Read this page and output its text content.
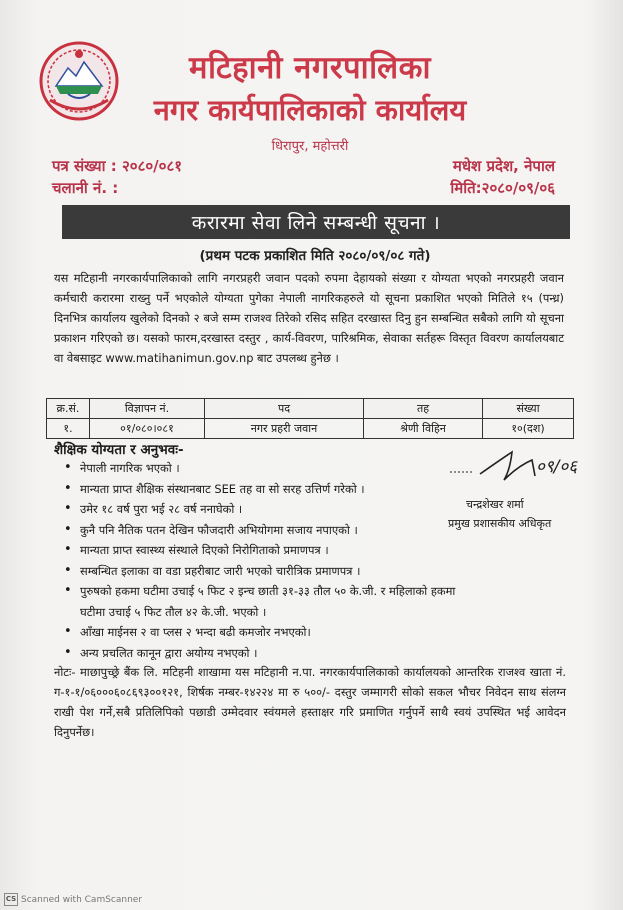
मटिहानी नगरपालिका
नगर कार्यपालिकाको कार्यालय
धिरापुर, महोत्तरी
पत्र संख्या : २०८०/०८१
चलानी नं. :
मधेश प्रदेश, नेपाल
मिति:२०८०/०९/०६
करारमा सेवा लिने सम्बन्धी सूचना ।
(प्रथम पटक प्रकाशित मिति २०८०/०९/०८ गते)
यस मटिहानी नगरकार्यपालिकाको लागि नगरप्रहरी जवान पदको रुपमा देहायको संख्या र योग्यता भएको नगरप्रहरी जवान कर्मचारी करारमा राख्नु पर्ने भएकोले योग्यता पुगेका नेपाली नागरिकहरुले यो सूचना प्रकाशित भएको मितिले १५ (पन्ध्र) दिनभित्र कार्यालय खुलेको दिनको २ बजे सम्म राजश्व तिरेको रसिद सहित दरखास्त दिनु हुन सम्बन्धित सबैको लागि यो सूचना प्रकाशन गरिएको छ। यसको फारम,दरखास्त दस्तुर , कार्य-विवरण, पारिश्रमिक, सेवाका सर्तहरू विस्तृत विवरण कार्यालयबाट वा वेबसाइट www.matihanimun.gov.np बाट उपलब्ध हुनेछ ।
क्र.सं.	विज्ञापन नं.	पद	तह	संख्या
१.	०१/०८०।०८१	नगर प्रहरी जवान	श्रेणी विहिन	१०(दश)
शैक्षिक योग्यता र अनुभवः-
• नेपाली नागरिक भएको ।
• मान्यता प्राप्त शैक्षिक संस्थानबाट SEE तह वा सो सरह उत्तिर्ण गरेको ।
• उमेर १८ वर्ष पुरा भई २८ वर्ष ननाघेको ।
• कुनै पनि नैतिक पतन देखिन फौजदारी अभियोगमा सजाय नपाएको ।
• मान्यता प्राप्त स्वास्थ्य संस्थाले दिएको निरोगिताको प्रमाणपत्र ।
• सम्बन्धित इलाका वा वडा प्रहरीबाट जारी भएको चारीत्रिक प्रमाणपत्र ।
• पुरुषको हकमा घटीमा उचाई ५ फिट २ इन्च छाती ३१-३३ तौल ५० के.जी. र महिलाको हकमा घटीमा उचाई ५ फिट तौल ४२ के.जी. भएको ।
• आँखा माईनस २ वा प्लस २ भन्दा बढी कमजोर नभएको।
• अन्य प्रचलित कानून द्वारा अयोग्य नभएको ।
०९/०६
चन्द्रशेखर शर्मा
प्रमुख प्रशासकीय अधिकृत
नोटः- माछापुच्छ्रे बैंक लि. मटिहनी शाखामा यस मटिहानी न.पा. नगरकार्यपालिकाको कार्यालयको आन्तरिक राजश्व खाता नं. ग-१-१/०६०००६०८६९३००१२१, शिर्षक नम्बर-१४२२४ मा रु ५००/- दस्तुर जम्मागरी सोको सकल भौचर निवेदन साथ संलग्न राखी पेश गर्ने,सबै प्रतिलिपिको पछाडी उम्मेदवार स्वंयमले हस्ताक्षर गरि प्रमाणित गर्नुपर्ने साथै स्वयं उपस्थित भई आवेदन दिनुपर्नेछ।
CS Scanned with CamScanner
